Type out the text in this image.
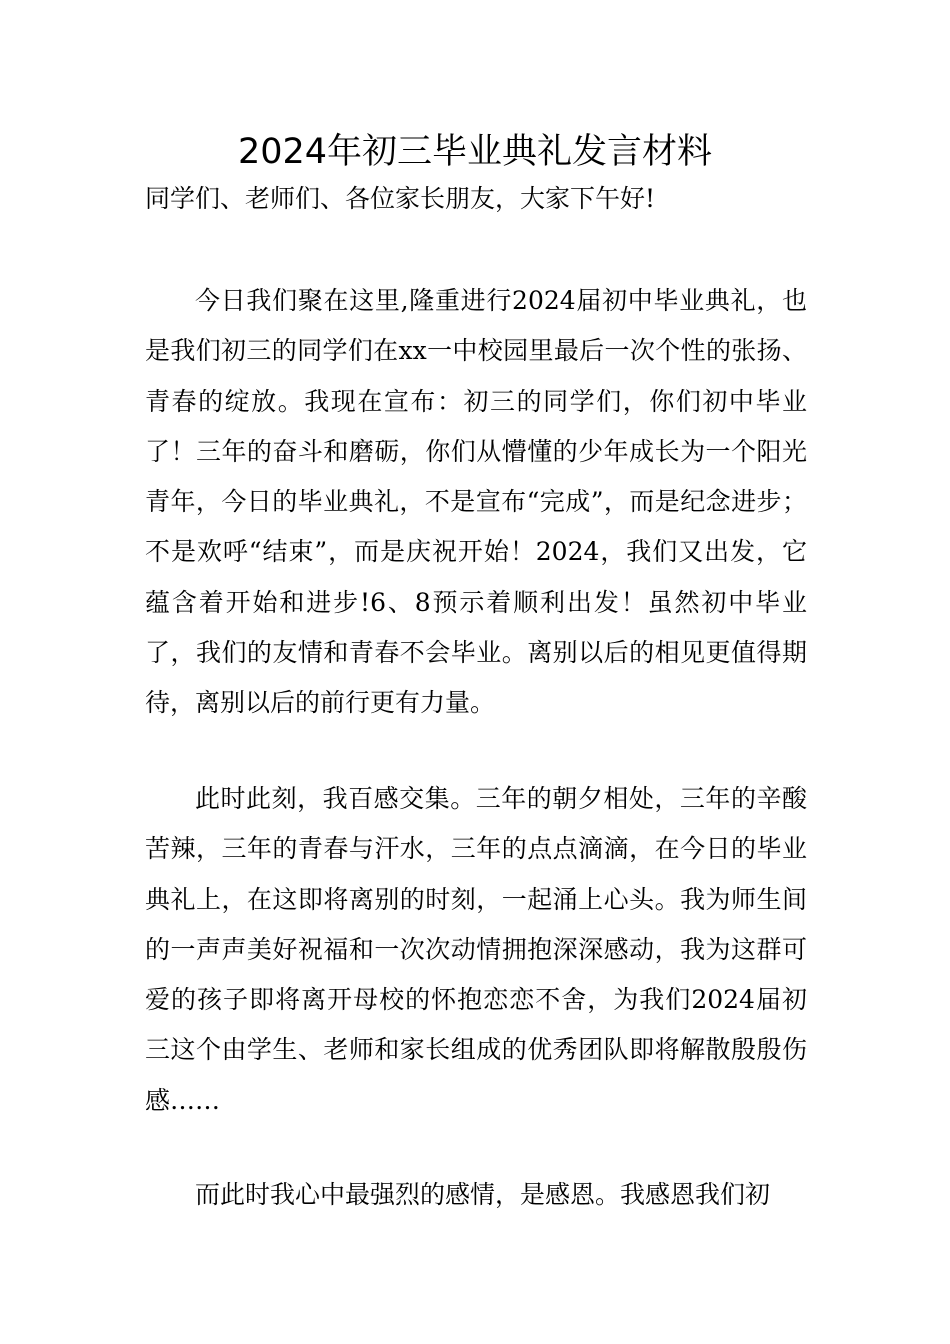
2024年初三毕业典礼发言材料

同学们、老师们、各位家长朋友，大家下午好!

今日我们聚在这里,隆重进行2024届初中毕业典礼，也是我们初三的同学们在xx一中校园里最后一次个性的张扬、青春的绽放。我现在宣布：初三的同学们，你们初中毕业了！三年的奋斗和磨砺，你们从懵懂的少年成长为一个阳光青年，今日的毕业典礼，不是宣布“完成”，而是纪念进步；不是欢呼“结束”，而是庆祝开始！2024，我们又出发，它蕴含着开始和进步!6、8预示着顺利出发！虽然初中毕业了，我们的友情和青春不会毕业。离别以后的相见更值得期待，离别以后的前行更有力量。

此时此刻，我百感交集。三年的朝夕相处，三年的辛酸苦辣，三年的青春与汗水，三年的点点滴滴，在今日的毕业典礼上，在这即将离别的时刻，一起涌上心头。我为师生间的一声声美好祝福和一次次动情拥抱深深感动，我为这群可爱的孩子即将离开母校的怀抱恋恋不舍，为我们2024届初三这个由学生、老师和家长组成的优秀团队即将解散殷殷伤感……

而此时我心中最强烈的感情，是感恩。我感恩我们初
